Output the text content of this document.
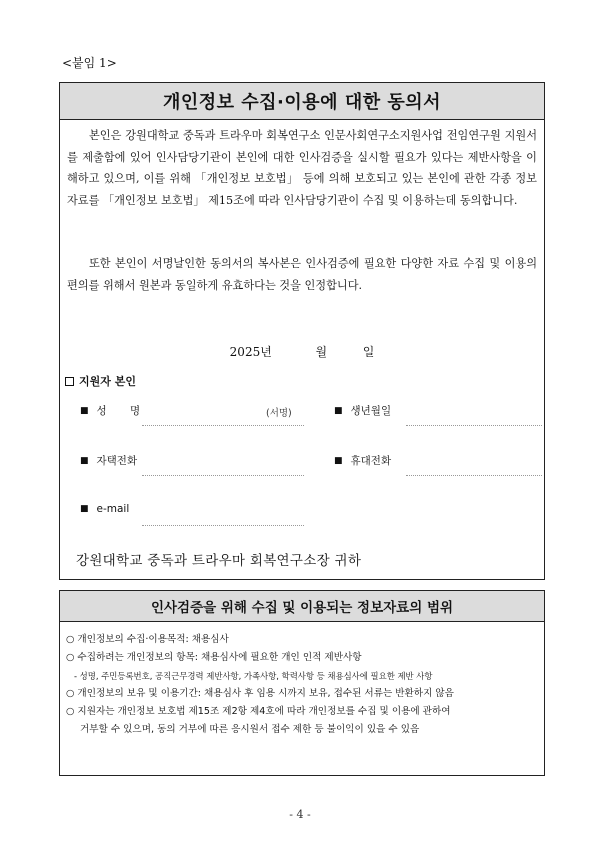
<붙임 1>
개인정보 수집·이용에 대한 동의서
본인은 강원대학교 중독과 트라우마 회복연구소 인문사회연구소지원사업 전임연구원 지원서를 제출함에 있어 인사담당기관이 본인에 대한 인사검증을 실시할 필요가 있다는 제반사항을 이해하고 있으며, 이를 위해 「개인정보 보호법」 등에 의해 보호되고 있는 본인에 관한 각종 정보자료를 「개인정보 보호법」 제15조에 따라 인사담당기관이 수집 및 이용하는데 동의합니다.
또한 본인이 서명날인한 동의서의 복사본은 인사검증에 필요한 다양한 자료 수집 및 이용의 편의를 위해서 원본과 동일하게 유효하다는 것을 인정합니다.
2025년	월	일
지원자 본인
■ 성 명	(서명)	■ 생년월일
■ 자택전화	■ 휴대전화
■ e-mail
강원대학교 중독과 트라우마 회복연구소장 귀하
인사검증을 위해 수집 및 이용되는 정보자료의 범위
○ 개인정보의 수집·이용목적: 채용심사
○ 수집하려는 개인정보의 항목: 채용심사에 필요한 개인 인적 제반사항
- 성명, 주민등록번호, 공직근무경력 제반사항, 가족사항, 학력사항 등 채용심사에 필요한 제반 사항
○ 개인정보의 보유 및 이용기간: 채용심사 후 임용 시까지 보유, 접수된 서류는 반환하지 않음
○ 지원자는 개인정보 보호법 제15조 제2항 제4호에 따라 개인정보를 수집 및 이용에 관하여
거부할 수 있으며, 동의 거부에 따른 응시원서 접수 제한 등 불이익이 있을 수 있음
- 4 -
